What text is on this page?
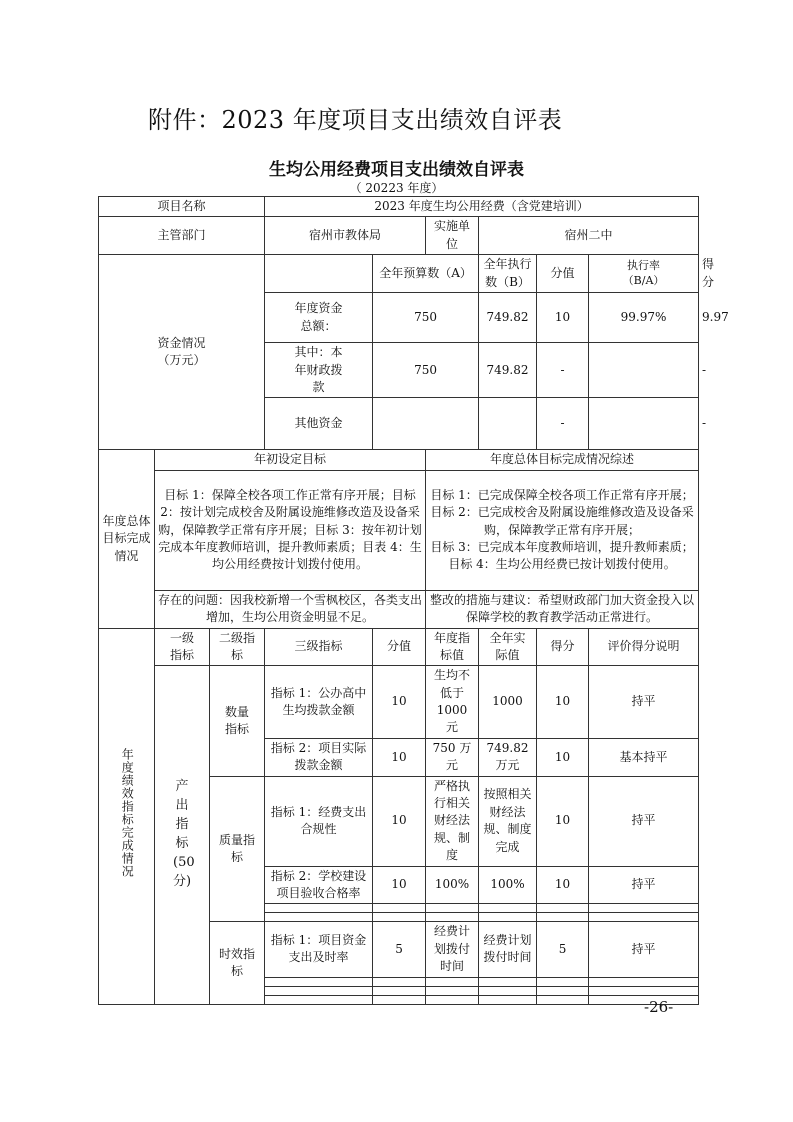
附件：2023 年度项目支出绩效自评表
生均公用经费项目支出绩效自评表
（ 20223 年度）
项目名称			2023 年度生均公用经费（含党建培训）						
主管部门			宿州市教体局		实施单位	宿州二中			
资金情况（万元）				全年预算数（A）		全年执行数（B）	分值	执行率（B/A）	得分
			年度资金总额：	750		749.82	10	99.97%	9.97
			其中：本年财政拨款	750		749.82	-		-
			其他资金				-		-
年度总体目标完成情况	年初设定目标				年度总体目标完成情况综述				
	目标 1：保障全校各项工作正常有序开展；目标 2：按计划完成校舍及附属设施维修改造及设备采购，保障教学正常有序开展；目标 3：按年初计划完成本年度教师培训，提升教师素质；目表 4：生均公用经费按计划拨付使用。				目标 1：已完成保障全校各项工作正常有序开展；
目标 2：已完成校舍及附属设施维修改造及设备采购，保障教学正常有序开展；
目标 3：已完成本年度教师培训，提升教师素质；
目标 4：生均公用经费已按计划拨付使用。				

	存在的问题：因我校新增一个雪枫校区，各类支出增加，生均公用资金明显不足。				整改的措施与建议：希望财政部门加大资金投入以保障学校的教育教学活动正常进行。				
年度绩效指标完成情况	一级指标	二级指标	三级指标	分值	年度指标值	全年实际值	得分	评价得分说明	
	产出指标(50分)	数量指标	指标 1：公办高中生均拨款金额	10	生均不低于 1000 元	1000	10	持平	
			指标 2：项目实际拨款金额	10	750 万元	749.82 万元	10	基本持平	
		质量指标	指标 1：经费支出合规性	10	严格执行相关财经法规、制度	按照相关财经法规、制度完成	10	持平	
			指标 2：学校建设项目验收合格率	10	100%	100%	10	持平	

		时效指标	指标 1：项目资金支出及时率	5	经费计划拨付时间	经费计划拨付时间	5	持平	

-26-
